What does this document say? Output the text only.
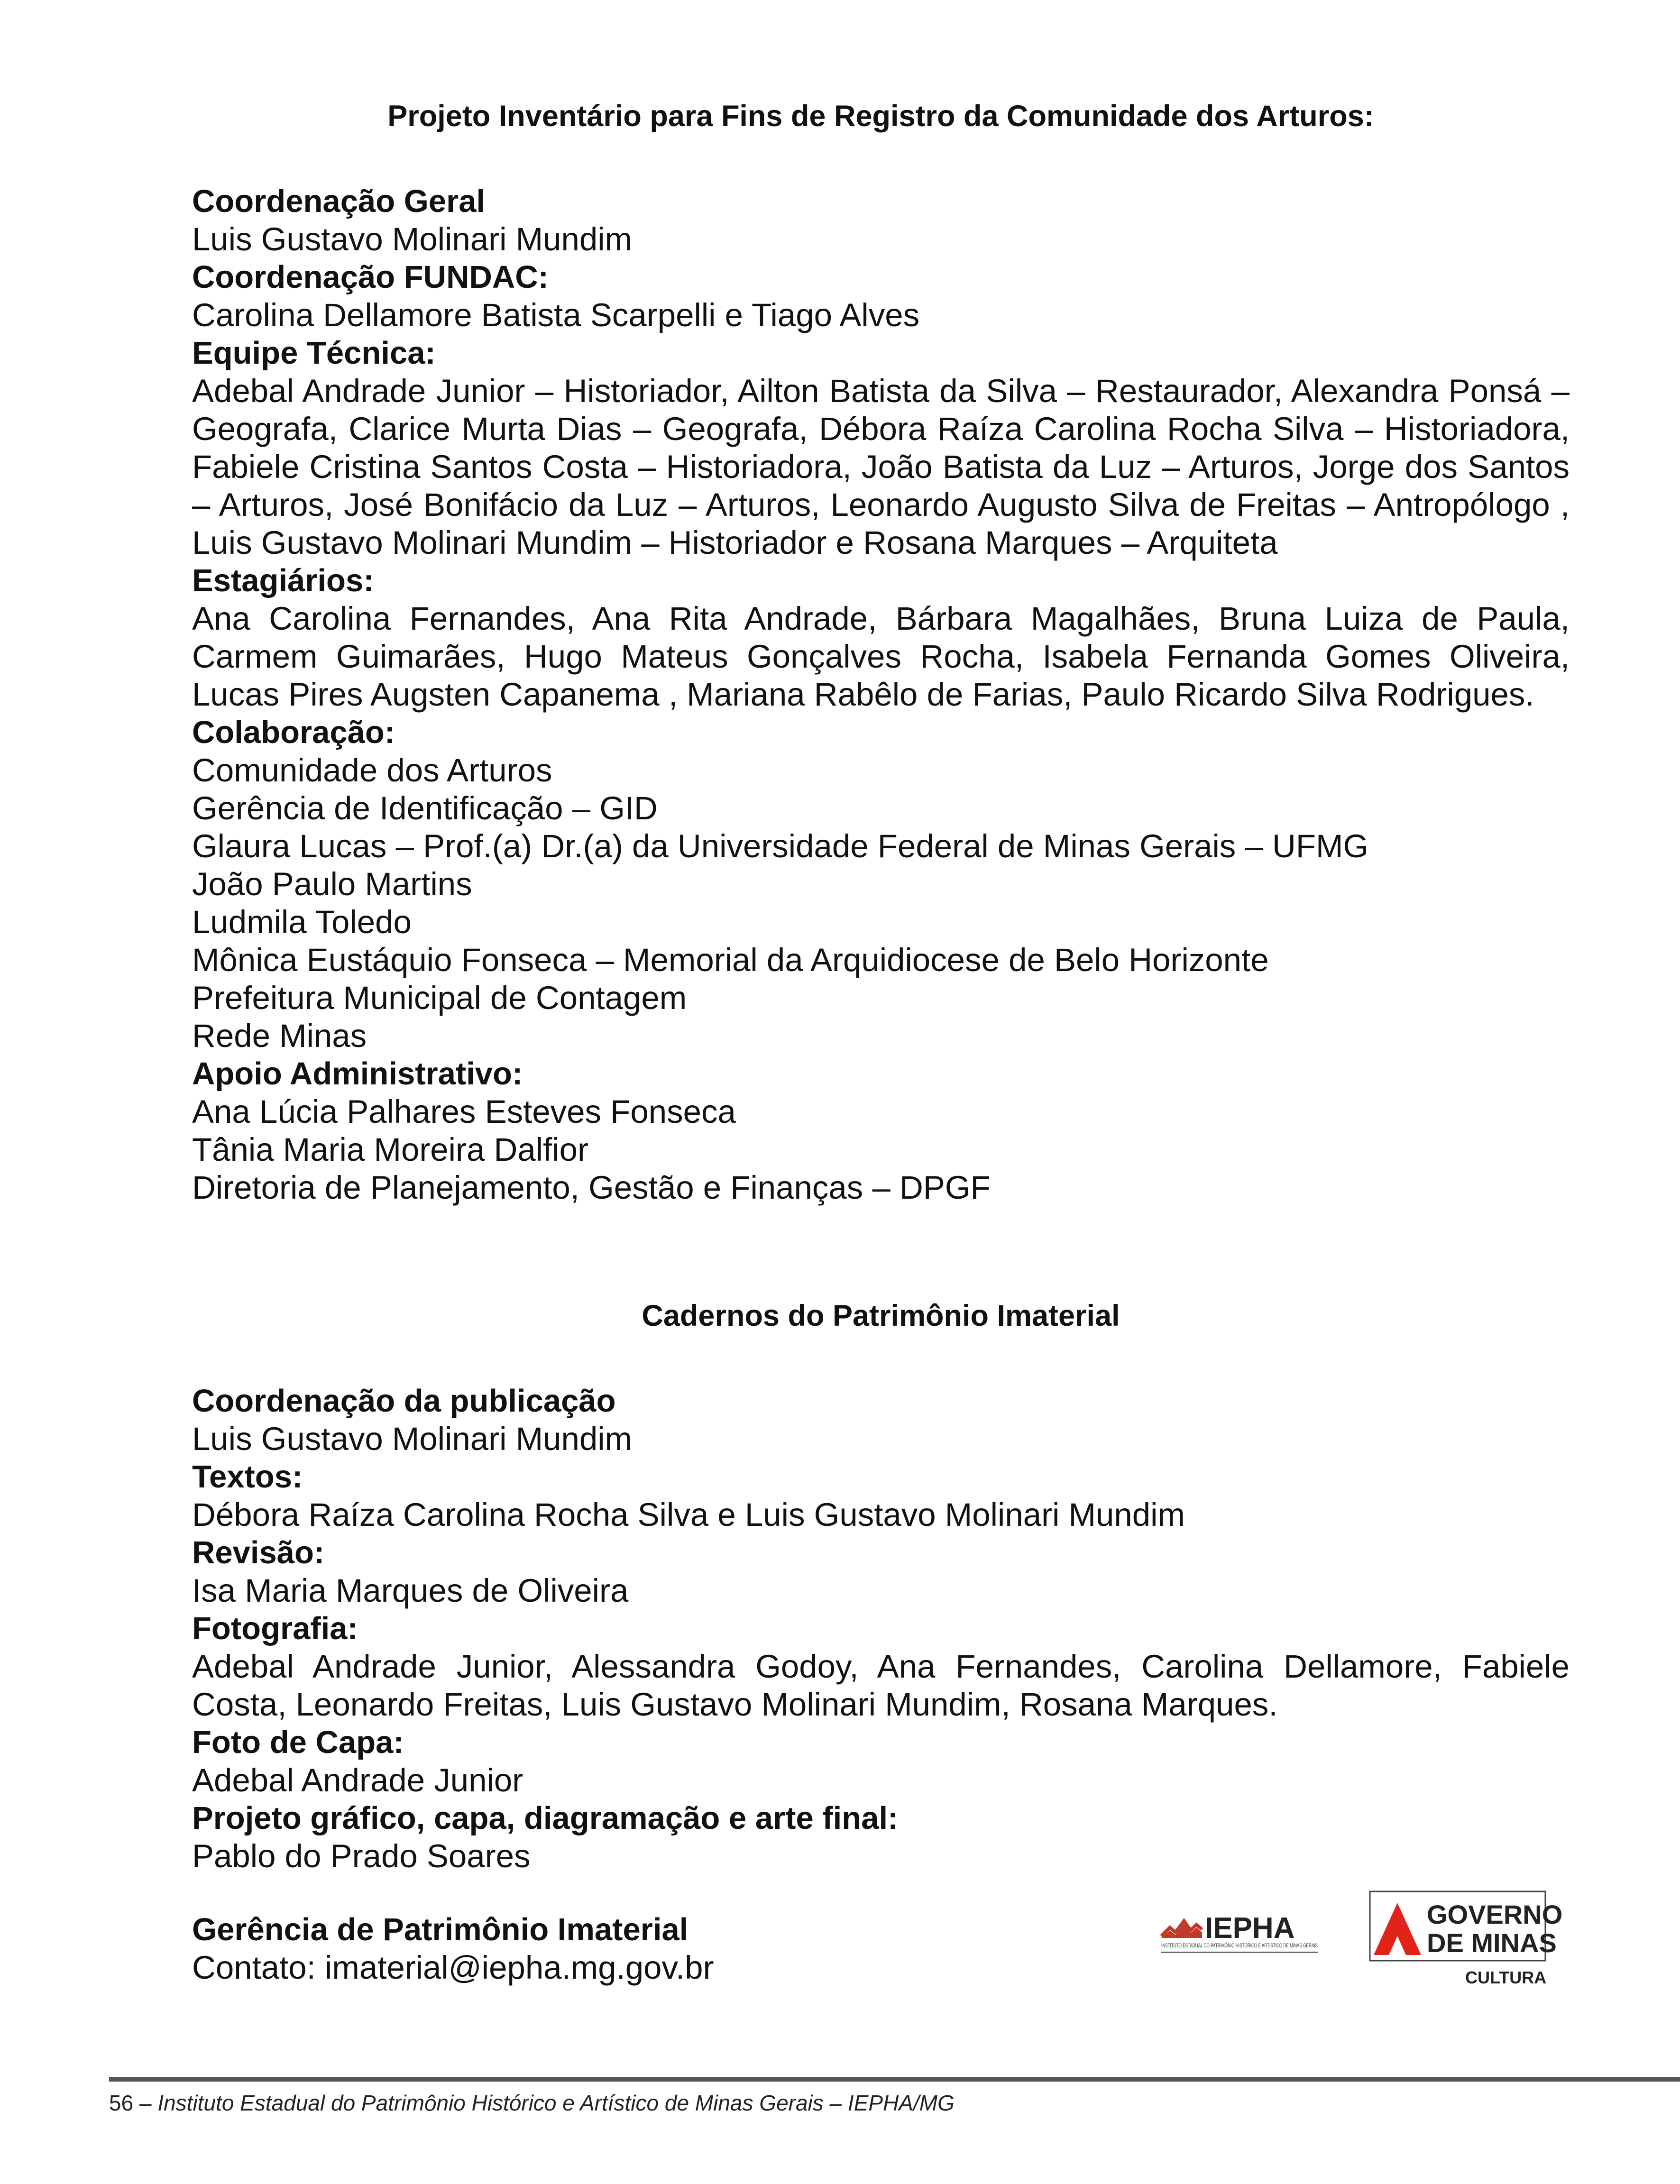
Projeto Inventário para Fins de Registro da Comunidade dos Arturos:

Coordenação Geral

Luis Gustavo Molinari Mundim

Coordenação FUNDAC:

Carolina Dellamore Batista Scarpelli e Tiago Alves

Equipe Técnica:

Adebal Andrade Junior – Historiador, Ailton Batista da Silva – Restaurador, Alexandra Ponsá – Geografa, Clarice Murta Dias – Geografa, Débora Raíza Carolina Rocha Silva – Historiadora, Fabiele Cristina Santos Costa – Historiadora, João Batista da Luz – Arturos, Jorge dos Santos – Arturos, José Bonifácio da Luz – Arturos, Leonardo Augusto Silva de Freitas – Antropólogo , Luis Gustavo Molinari Mundim – Historiador e Rosana Marques – Arquiteta

Estagiários:

Ana Carolina Fernandes, Ana Rita Andrade, Bárbara Magalhães, Bruna Luiza de Paula, Carmem Guimarães, Hugo Mateus Gonçalves Rocha, Isabela Fernanda Gomes Oliveira, Lucas Pires Augsten Capanema , Mariana Rabêlo de Farias, Paulo Ricardo Silva Rodrigues.

Colaboração:

Comunidade dos Arturos

Gerência de Identificação – GID

Glaura Lucas – Prof.(a) Dr.(a) da Universidade Federal de Minas Gerais – UFMG

João Paulo Martins

Ludmila Toledo

Mônica Eustáquio Fonseca – Memorial da Arquidiocese de Belo Horizonte

Prefeitura Municipal de Contagem

Rede Minas

Apoio Administrativo:

Ana Lúcia Palhares Esteves Fonseca

Tânia Maria Moreira Dalfior

Diretoria de Planejamento, Gestão e Finanças – DPGF

Cadernos do Patrimônio Imaterial

Coordenação da publicação

Luis Gustavo Molinari Mundim

Textos:

Débora Raíza Carolina Rocha Silva e Luis Gustavo Molinari Mundim

Revisão:

Isa Maria Marques de Oliveira

Fotografia:

Adebal Andrade Junior, Alessandra Godoy, Ana Fernandes, Carolina Dellamore, Fabiele Costa, Leonardo Freitas, Luis Gustavo Molinari Mundim, Rosana Marques.

Foto de Capa:

Adebal Andrade Junior

Projeto gráfico, capa, diagramação e arte final:

Pablo do Prado Soares

Gerência de Patrimônio Imaterial

Contato: imaterial@iepha.mg.gov.br

IEPHA
INSTITUTO ESTADUAL DO PATRIMÔNIO HISTÓRICO E ARTÍSTICO DE MINAS GERAIS
GOVERNO
DE MINAS
CULTURA
56 – Instituto Estadual do Patrimônio Histórico e Artístico de Minas Gerais – IEPHA/MG
